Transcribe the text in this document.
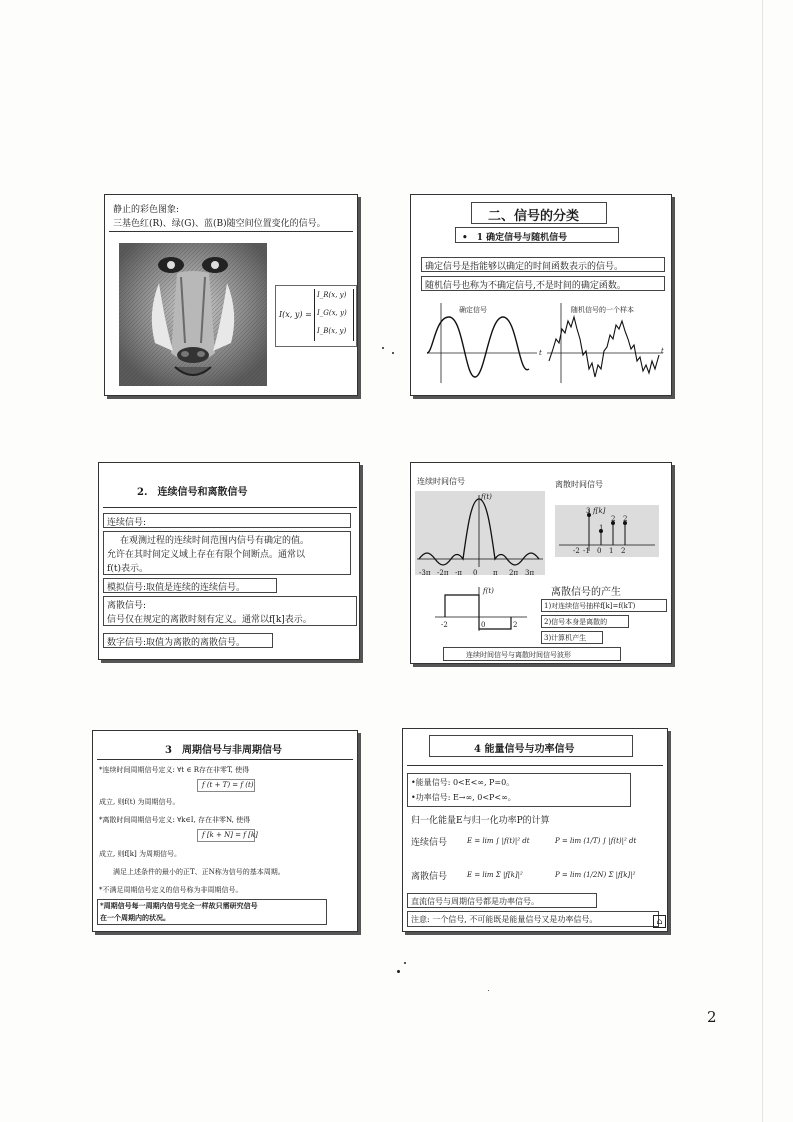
静止的彩色图象:
三基色红(R)、绿(G)、蓝(B)随空间位置变化的信号。
I(x, y) =
I_R(x, y)
I_G(x, y)
I_B(x, y)
二、信号的分类
•　1 确定信号与随机信号
确定信号是指能够以确定的时间函数表示的信号。
随机信号也称为不确定信号,不是时间的确定函数。
确定信号	随机信号的一个样本
t	t
2.　连续信号和离散信号
连续信号:
在观测过程的连续时间范围内信号有确定的值。
允许在其时间定义域上存在有限个间断点。通常以
f(t)表示。
模拟信号:取值是连续的连续信号。
离散信号:
信号仅在规定的离散时刻有定义。通常以f[k]表示。
数字信号:取值为离散的离散信号。
连续时间信号	离散时间信号
f(t)
-3π -2π -π 0 π 2π 3π
f[k]
3
2 2
1
-2 -1 0 1 2
f(t)
-2	0	2
离散信号的产生
1)对连续信号抽样f[k]=f(kT)
2)信号本身是离散的
3)计算机产生
连续时间信号与离散时间信号波形
3　周期信号与非周期信号
*连续时间周期信号定义: ∀t ∈ R存在非零T, 使得
f (t + T) = f (t)
成立, 则f(t) 为周期信号。
*离散时间周期信号定义: ∀k∈I, 存在非零N, 使得
f [k + N] = f [k]
成立, 则f[k] 为周期信号。
满足上述条件的最小的正T、正N称为信号的基本周期。
*不满足周期信号定义的信号称为非周期信号。
*周期信号每一周期内信号完全一样故只需研究信号
在一个周期内的状况。
4 能量信号与功率信号
•能量信号: 0<E<∞, P=0。
•功率信号: E→∞, 0<P<∞。
归一化能量E与归一化功率P的计算
连续信号	E = lim ∫ |f(t)|² dt	P = lim (1/T) ∫ |f(t)|² dt
离散信号	E = lim Σ |f[k]|²	P = lim (1/2N) Σ |f[k]|²
直流信号与周期信号都是功率信号。
注意: 一个信号, 不可能既是能量信号又是功率信号。	⌂
2
